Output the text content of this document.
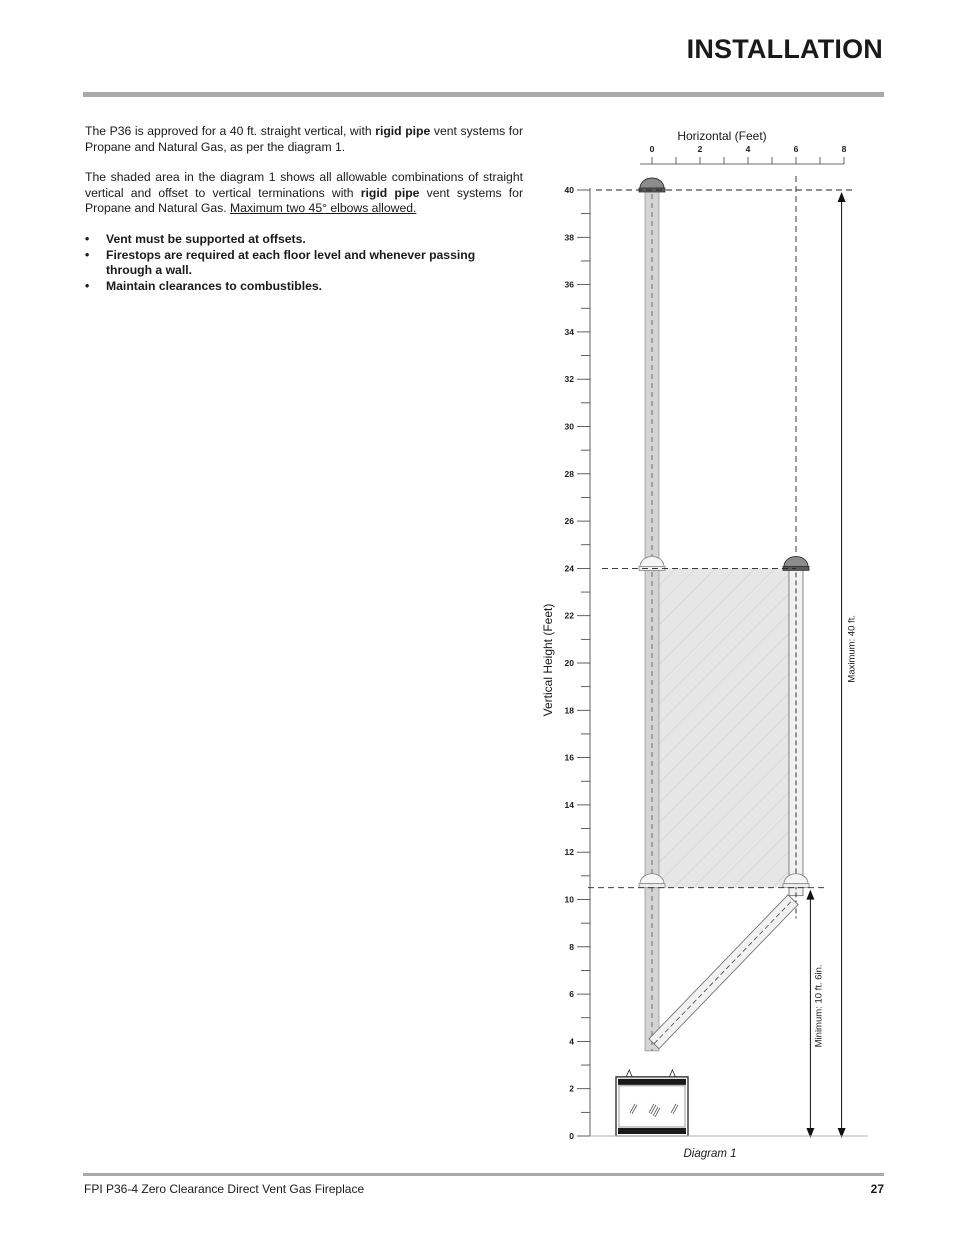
INSTALLATION

The P36 is approved for a 40 ft. straight vertical, with rigid pipe vent systems for Propane and Natural Gas, as per the diagram 1.

The shaded area in the diagram 1 shows all allowable combinations of straight vertical and offset to vertical terminations with rigid pipe vent systems for Propane and Natural Gas. Maximum two 45° elbows allowed.

• Vent must be supported at offsets.
• Firestops are required at each floor level and whenever passing through a wall.
• Maintain clearances to combustibles.
Horizontal (Feet)
0	2	4	6	8
0
2
4
6
8
10
12
14
16
18
20
22
24
26
28
30
32
34
36
38
40
Vertical Height (Feet)	Maximum: 40 ft.
Minimum: 10 ft. 6in.
Diagram 1
FPI P36-4 Zero Clearance Direct Vent Gas Fireplace	27
